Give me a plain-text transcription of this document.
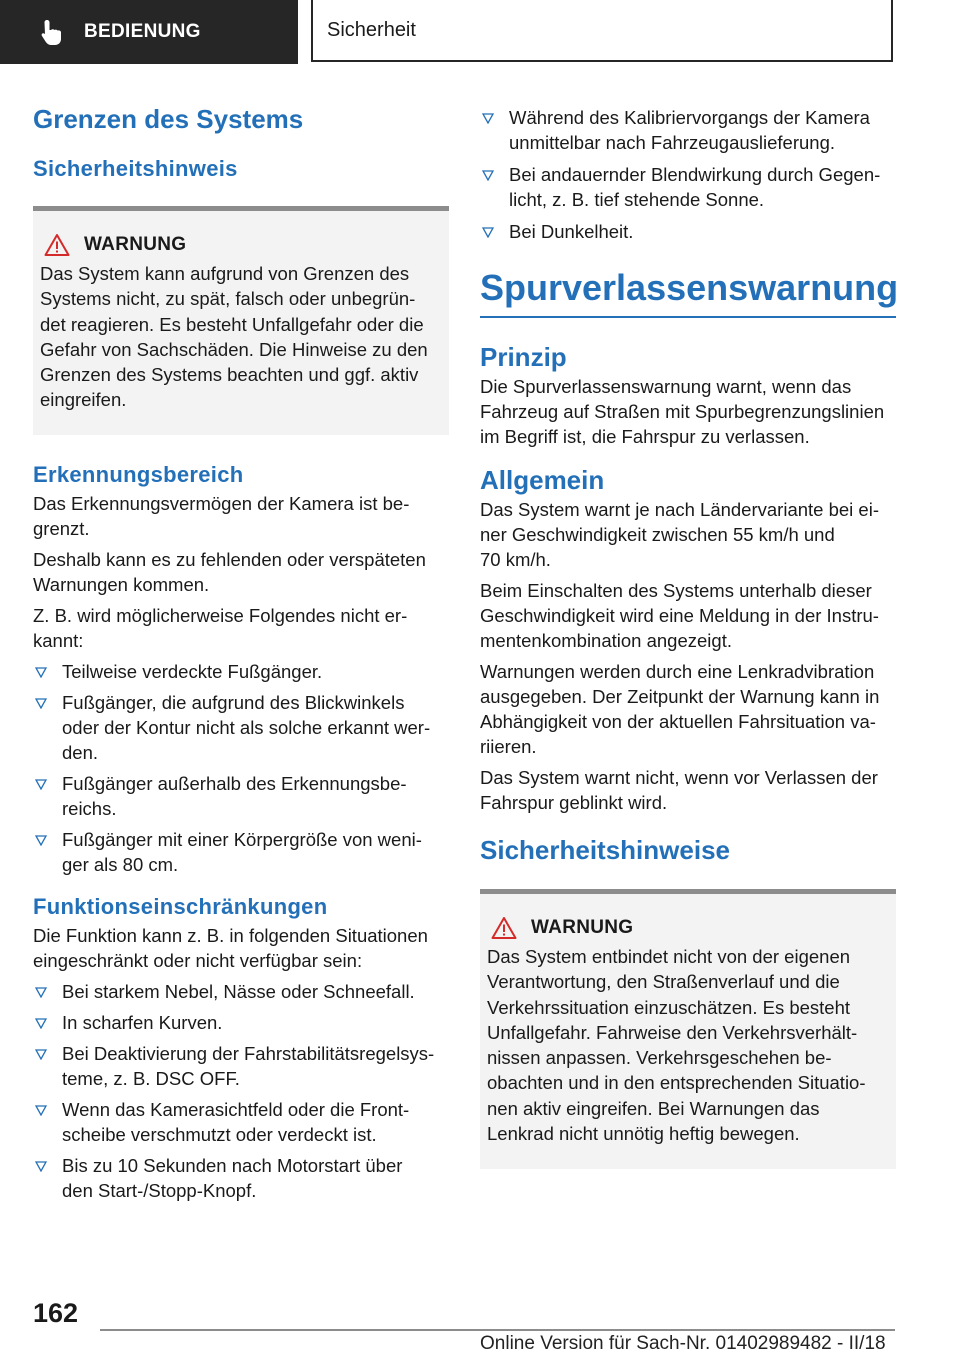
BEDIENUNG	Sicherheit
Grenzen des Systems
Sicherheitshinweis
WARNUNG

Das System kann aufgrund von Grenzen des
Systems nicht, zu spät, falsch oder unbegrün‐
det reagieren. Es besteht Unfallgefahr oder die
Gefahr von Sachschäden. Die Hinweise zu den
Grenzen des Systems beachten und ggf. aktiv
eingreifen.

Erkennungsbereich

Das Erkennungsvermögen der Kamera ist be‐
grenzt.

Deshalb kann es zu fehlenden oder verspäteten
Warnungen kommen.

Z. B. wird möglicherweise Folgendes nicht er‐
kannt:

Teilweise verdeckte Fußgänger.
Fußgänger, die aufgrund des Blickwinkels
oder der Kontur nicht als solche erkannt wer‐
den.
Fußgänger außerhalb des Erkennungsbe‐
reichs.
Fußgänger mit einer Körpergröße von weni‐
ger als 80 cm.
Funktionseinschränkungen

Die Funktion kann z. B. in folgenden Situationen
eingeschränkt oder nicht verfügbar sein:

Bei starkem Nebel, Nässe oder Schneefall.
In scharfen Kurven.
Bei Deaktivierung der Fahrstabilitätsregelsys‐
teme, z. B. DSC OFF.
Wenn das Kamerasichtfeld oder die Front‐
scheibe verschmutzt oder verdeckt ist.
Bis zu 10 Sekunden nach Motorstart über
den Start-/Stopp-Knopf.
Während des Kalibriervorgangs der Kamera
unmittelbar nach Fahrzeugauslieferung.
Bei andauernder Blendwirkung durch Gegen‐
licht, z. B. tief stehende Sonne.
Bei Dunkelheit.
Spurverlassenswarnung
Prinzip

Die Spurverlassenswarnung warnt, wenn das
Fahrzeug auf Straßen mit Spurbegrenzungslinien
im Begriff ist, die Fahrspur zu verlassen.

Allgemein

Das System warnt je nach Ländervariante bei ei‐
ner Geschwindigkeit zwischen 55 km/h und
70 km/h.

Beim Einschalten des Systems unterhalb dieser
Geschwindigkeit wird eine Meldung in der Instru‐
mentenkombination angezeigt.

Warnungen werden durch eine Lenkradvibration
ausgegeben. Der Zeitpunkt der Warnung kann in
Abhängigkeit von der aktuellen Fahrsituation va‐
riieren.

Das System warnt nicht, wenn vor Verlassen der
Fahrspur geblinkt wird.

Sicherheitshinweise
WARNUNG

Das System entbindet nicht von der eigenen
Verantwortung, den Straßenverlauf und die
Verkehrssituation einzuschätzen. Es besteht
Unfallgefahr. Fahrweise den Verkehrsverhält‐
nissen anpassen. Verkehrsgeschehen be‐
obachten und in den entsprechenden Situatio‐
nen aktiv eingreifen. Bei Warnungen das
Lenkrad nicht unnötig heftig bewegen.

162
Online Version für Sach-Nr. 01402989482 - II/18
